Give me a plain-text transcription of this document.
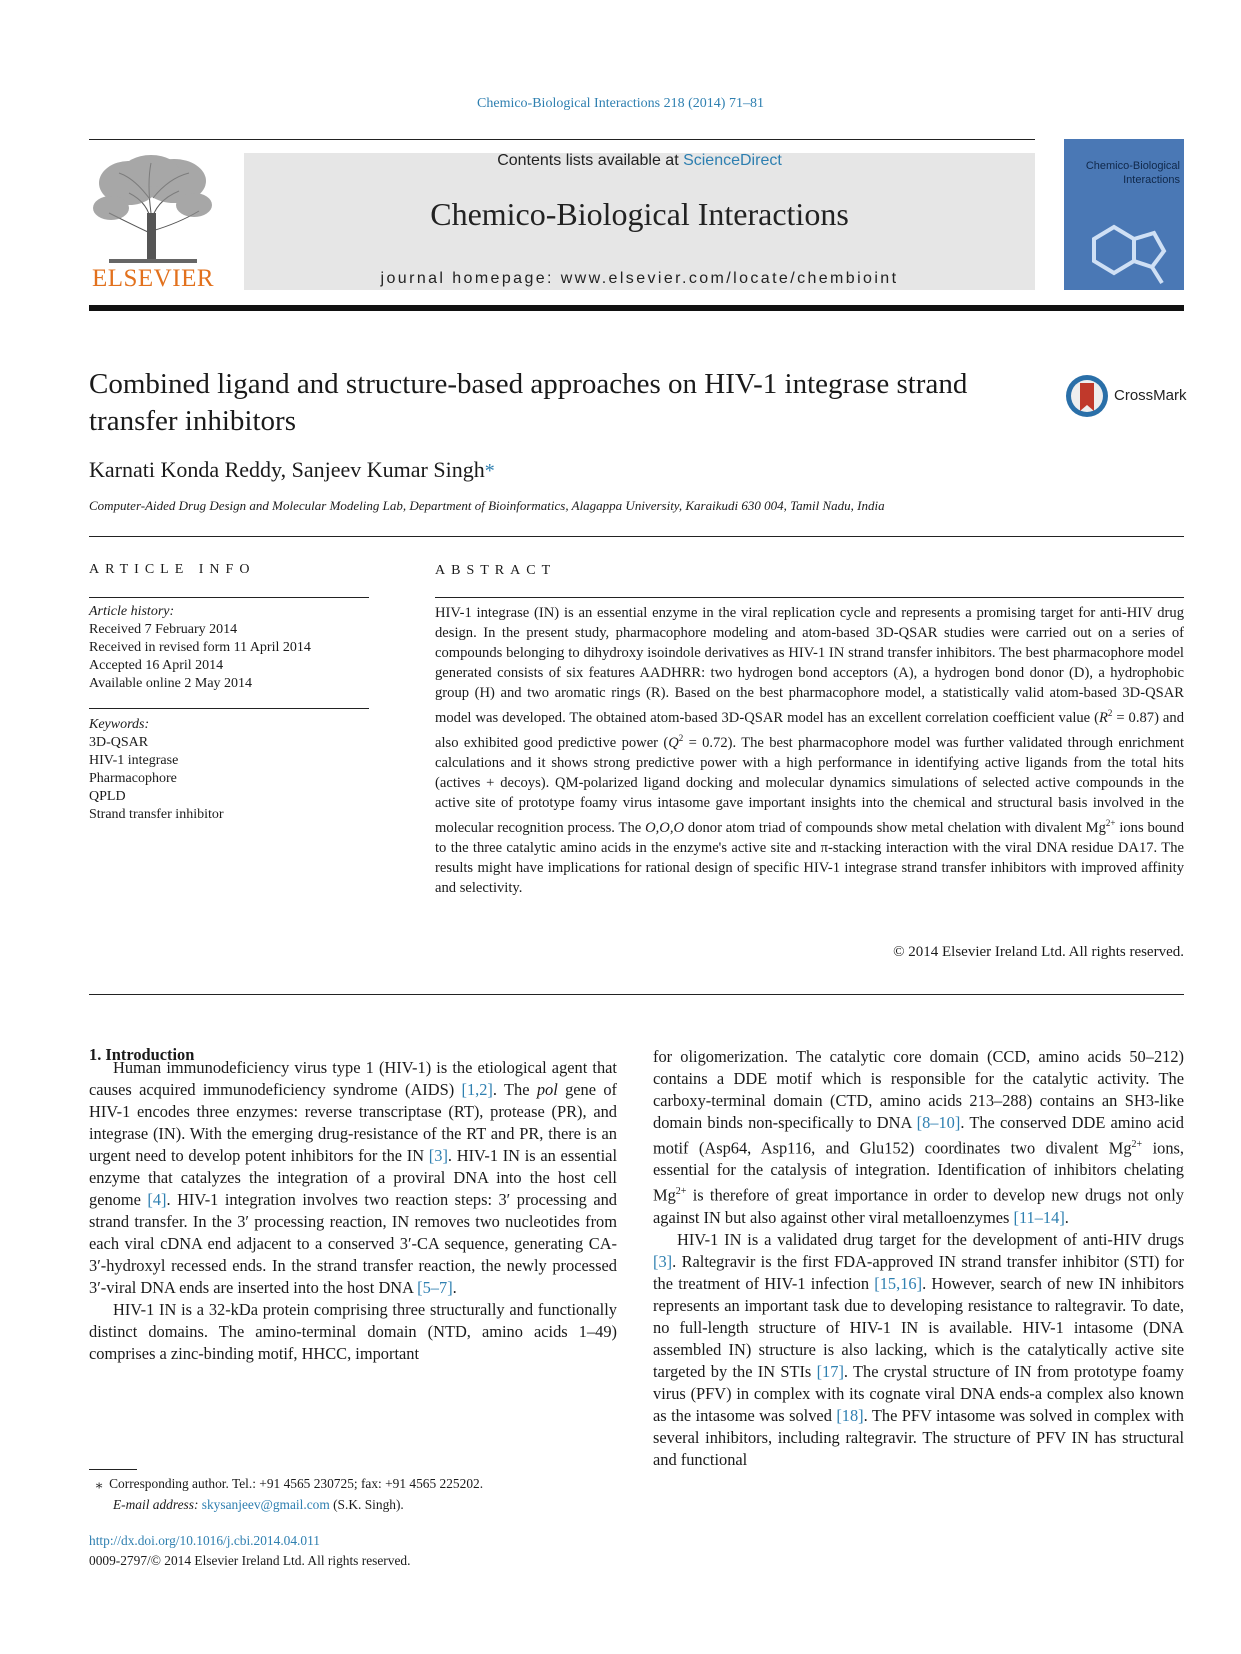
Chemico-Biological Interactions 218 (2014) 71–81
ELSEVIER
Contents lists available at ScienceDirect
Chemico-Biological Interactions
journal homepage: www.elsevier.com/locate/chembioint
Chemico-Biological Interactions
Combined ligand and structure-based approaches on HIV-1 integrase strand transfer inhibitors
CrossMark
Karnati Konda Reddy, Sanjeev Kumar Singh*
Computer-Aided Drug Design and Molecular Modeling Lab, Department of Bioinformatics, Alagappa University, Karaikudi 630 004, Tamil Nadu, India
ARTICLE INFO	ABSTRACT
Article history:
Received 7 February 2014
Received in revised form 11 April 2014
Accepted 16 April 2014
Available online 2 May 2014
Keywords:
3D-QSAR
HIV-1 integrase
Pharmacophore
QPLD
Strand transfer inhibitor
HIV-1 integrase (IN) is an essential enzyme in the viral replication cycle and represents a promising target for anti-HIV drug design. In the present study, pharmacophore modeling and atom-based 3D-QSAR studies were carried out on a series of compounds belonging to dihydroxy isoindole derivatives as HIV-1 IN strand transfer inhibitors. The best pharmacophore model generated consists of six features AADHRR: two hydrogen bond acceptors (A), a hydrogen bond donor (D), a hydrophobic group (H) and two aromatic rings (R). Based on the best pharmacophore model, a statistically valid atom-based 3D-QSAR model was developed. The obtained atom-based 3D-QSAR model has an excellent correlation coefficient value $(R^2 = 0.87)$ and also exhibited good predictive power $(Q^2 = 0.72)$. The best pharmacophore model was further validated through enrichment calculations and it shows strong predictive power with a high performance in identifying active ligands from the total hits (actives + decoys). QM-polarized ligand docking and molecular dynamics simulations of selected active compounds in the active site of prototype foamy virus intasome gave important insights into the chemical and structural basis involved in the molecular recognition process. The O,O,O donor atom triad of compounds show metal chelation with divalent $Mg^{2+}$ ions bound to the three catalytic amino acids in the enzyme's active site and π-stacking interaction with the viral DNA residue DA17. The results might have implications for rational design of specific HIV-1 integrase strand transfer inhibitors with improved affinity and selectivity.
© 2014 Elsevier Ireland Ltd. All rights reserved.
1. Introduction

Human immunodeficiency virus type 1 (HIV-1) is the etiological agent that causes acquired immunodeficiency syndrome (AIDS) [1,2]. The pol gene of HIV-1 encodes three enzymes: reverse transcriptase (RT), protease (PR), and integrase (IN). With the emerging drug-resistance of the RT and PR, there is an urgent need to develop potent inhibitors for the IN [3]. HIV-1 IN is an essential enzyme that catalyzes the integration of a proviral DNA into the host cell genome [4]. HIV-1 integration involves two reaction steps: 3′ processing and strand transfer. In the 3′ processing reaction, IN removes two nucleotides from each viral cDNA end adjacent to a conserved 3′-CA sequence, generating CA-3′-hydroxyl recessed ends. In the strand transfer reaction, the newly processed 3′-viral DNA ends are inserted into the host DNA [5–7].

HIV-1 IN is a 32-kDa protein comprising three structurally and functionally distinct domains. The amino-terminal domain (NTD, amino acids 1–49) comprises a zinc-binding motif, HHCC, important

for oligomerization. The catalytic core domain (CCD, amino acids 50–212) contains a DDE motif which is responsible for the catalytic activity. The carboxy-terminal domain (CTD, amino acids 213–288) contains an SH3-like domain binds non-specifically to DNA [8–10]. The conserved DDE amino acid motif (Asp64, Asp116, and Glu152) coordinates two divalent $Mg^{2+}$ ions, essential for the catalysis of integration. Identification of inhibitors chelating $Mg^{2+}$ is therefore of great importance in order to develop new drugs not only against IN but also against other viral metalloenzymes [11–14].

HIV-1 IN is a validated drug target for the development of anti-HIV drugs [3]. Raltegravir is the first FDA-approved IN strand transfer inhibitor (STI) for the treatment of HIV-1 infection [15,16]. However, search of new IN inhibitors represents an important task due to developing resistance to raltegravir. To date, no full-length structure of HIV-1 IN is available. HIV-1 intasome (DNA assembled IN) structure is also lacking, which is the catalytically active site targeted by the IN STIs [17]. The crystal structure of IN from prototype foamy virus (PFV) in complex with its cognate viral DNA ends-a complex also known as the intasome was solved [18]. The PFV intasome was solved in complex with several inhibitors, including raltegravir. The structure of PFV IN has structural and functional

⁎ Corresponding author. Tel.: +91 4565 230725; fax: +91 4565 225202.
E-mail address: skysanjeev@gmail.com (S.K. Singh).
http://dx.doi.org/10.1016/j.cbi.2014.04.011
0009-2797/© 2014 Elsevier Ireland Ltd. All rights reserved.
